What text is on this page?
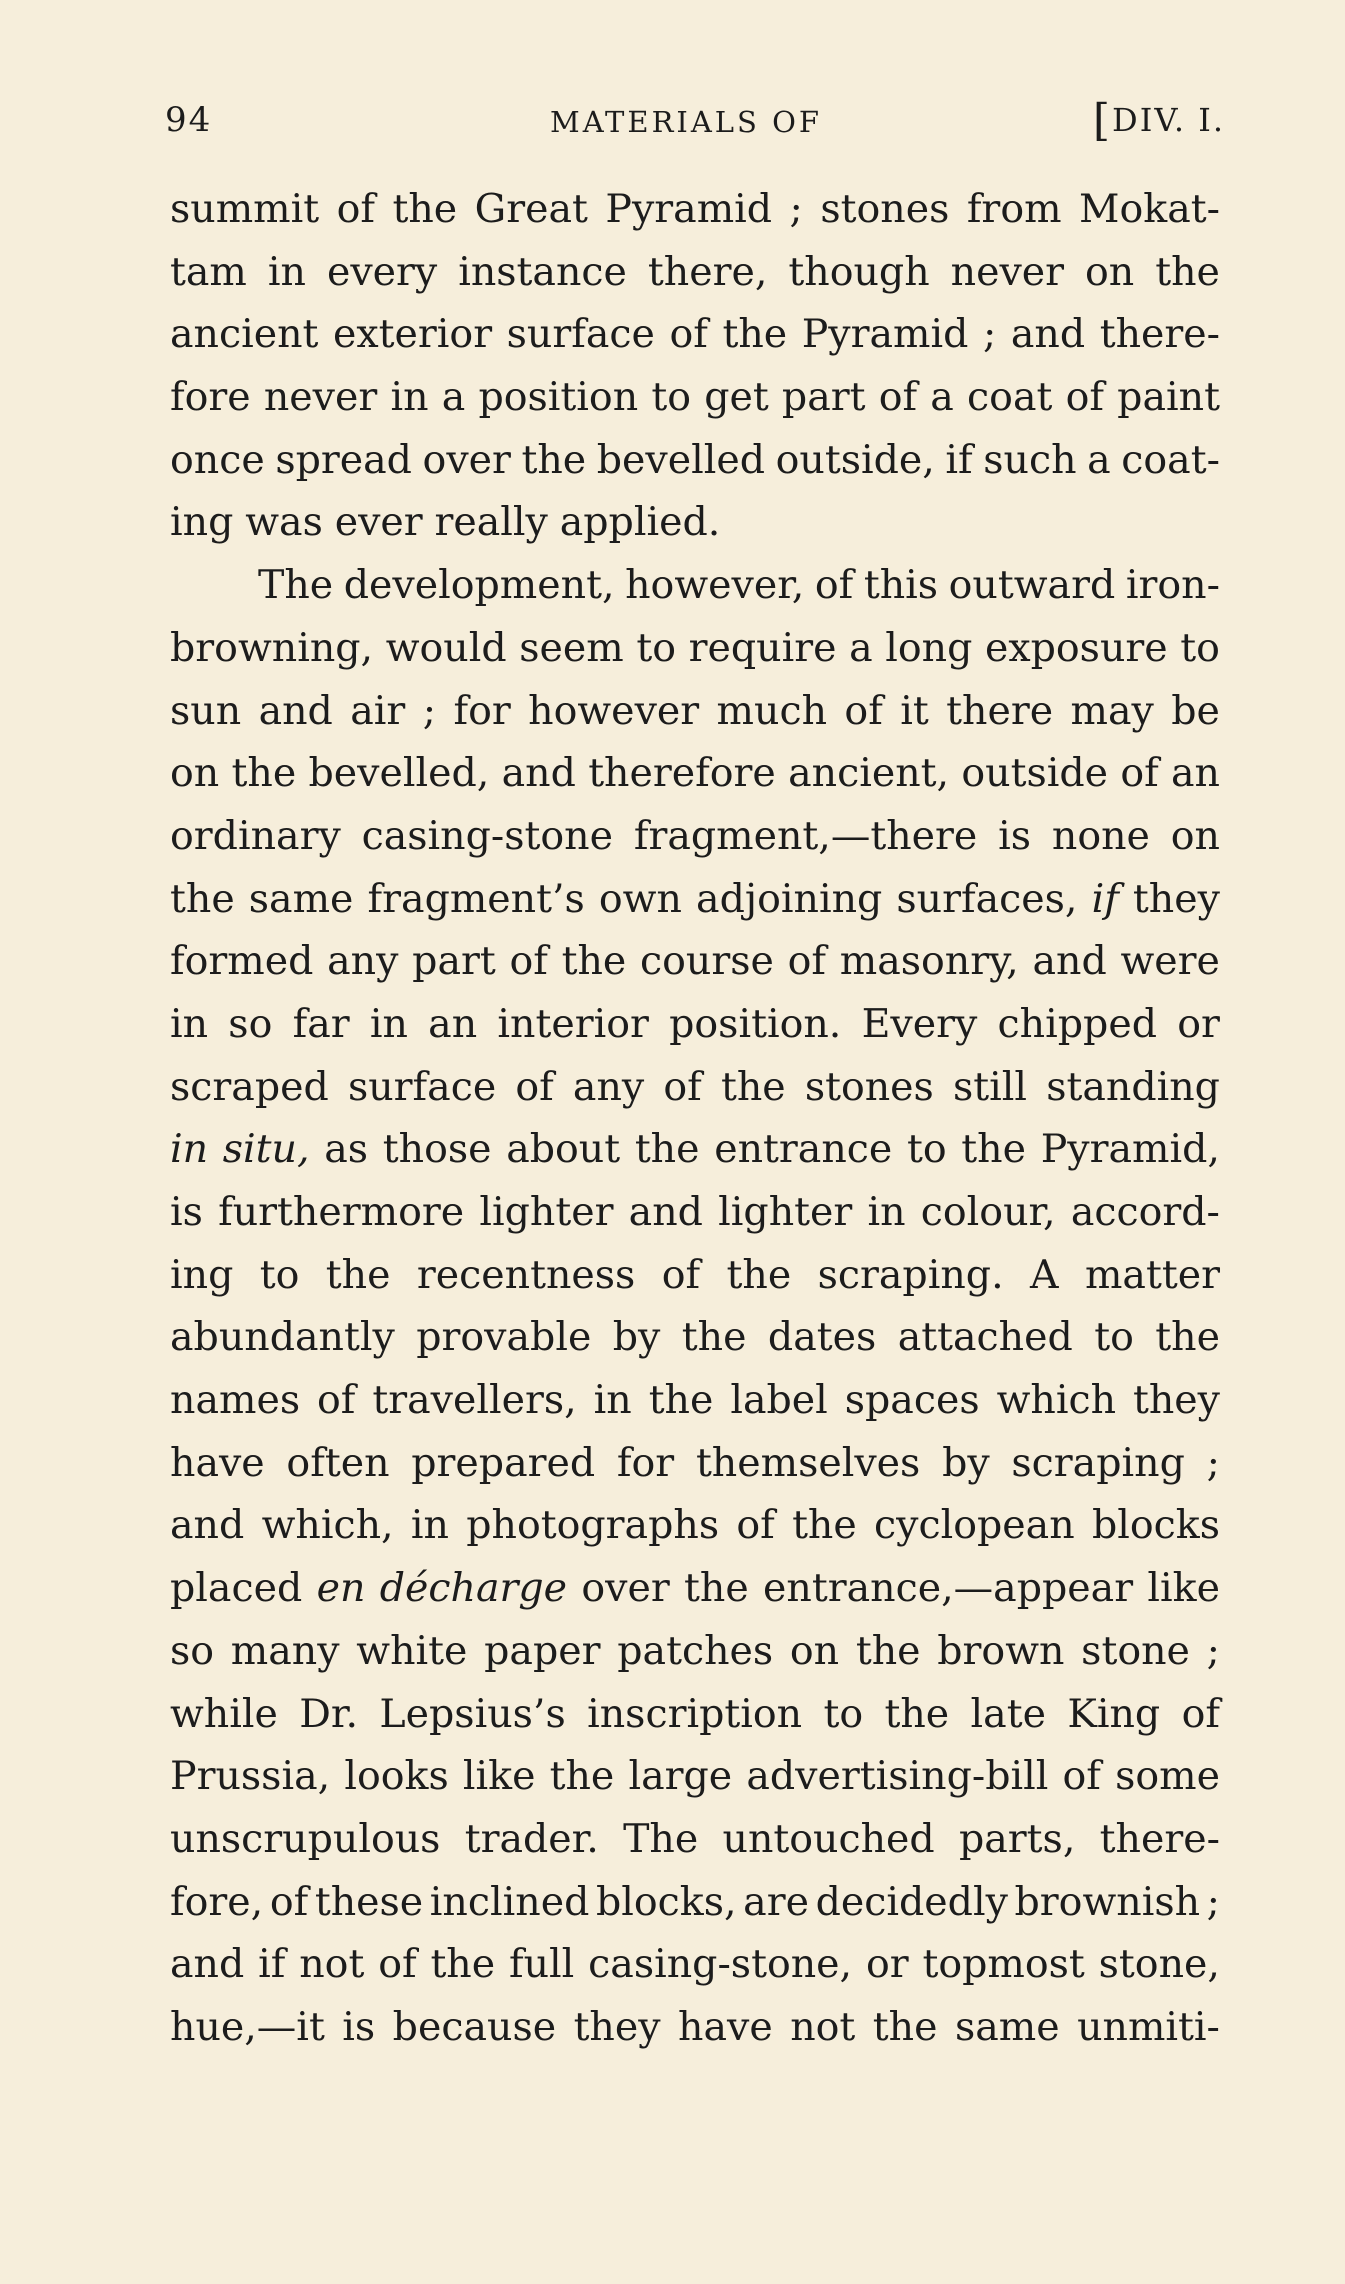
94	MATERIALS OF	[DIV. I.
summit of the Great Pyramid ; stones from Mokat-
tam in every instance there, though never on the
ancient exterior surface of the Pyramid ; and there-
fore never in a position to get part of a coat of paint
once spread over the bevelled outside, if such a coat-
ing was ever really applied.
The development, however, of this outward iron-
browning, would seem to require a long exposure to
sun and air ; for however much of it there may be
on the bevelled, and therefore ancient, outside of an
ordinary casing-stone fragment,—there is none on
the same fragment’s own adjoining surfaces, if they
formed any part of the course of masonry, and were
in so far in an interior position. Every chipped or
scraped surface of any of the stones still standing
in situ, as those about the entrance to the Pyramid,
is furthermore lighter and lighter in colour, accord-
ing to the recentness of the scraping. A matter
abundantly provable by the dates attached to the
names of travellers, in the label spaces which they
have often prepared for themselves by scraping ;
and which, in photographs of the cyclopean blocks
placed en décharge over the entrance,—appear like
so many white paper patches on the brown stone ;
while Dr. Lepsius’s inscription to the late King of
Prussia, looks like the large advertising-bill of some
unscrupulous trader. The untouched parts, there-
fore, of these inclined blocks, are decidedly brownish ;
and if not of the full casing-stone, or topmost stone,
hue,—it is because they have not the same unmiti-
